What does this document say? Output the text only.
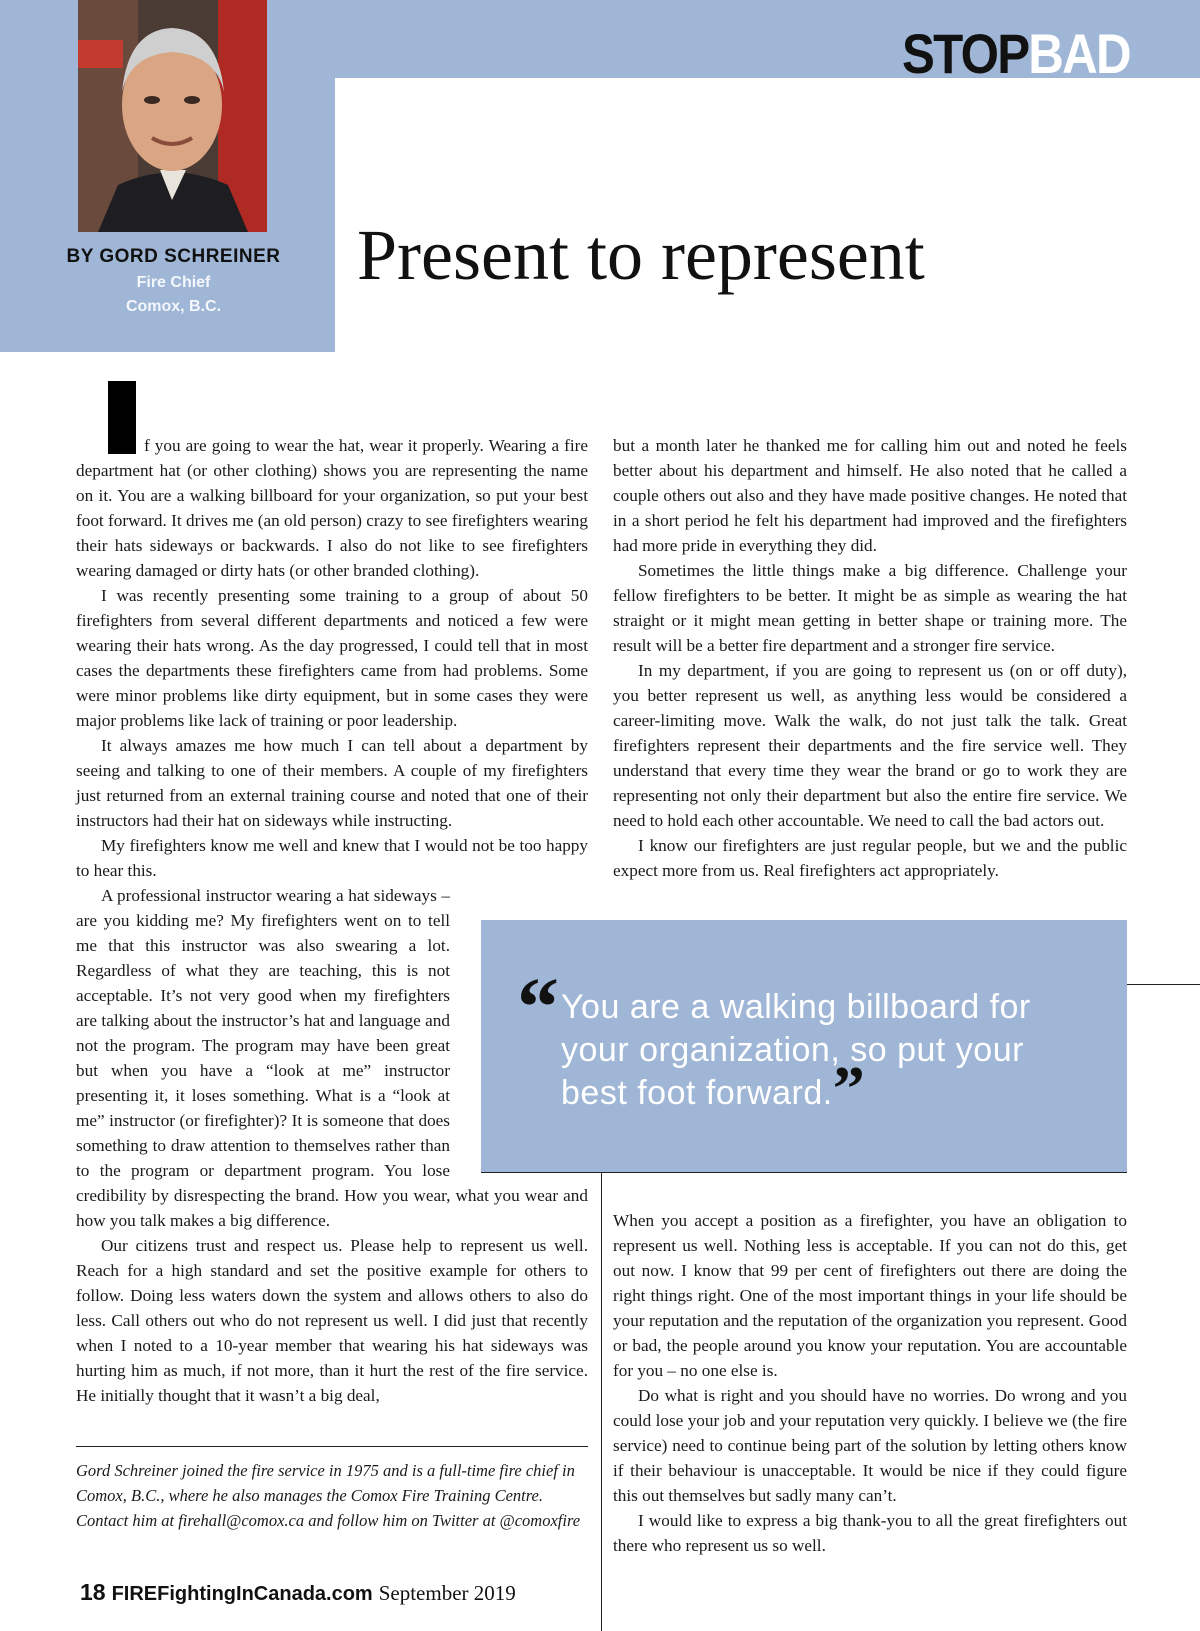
BY GORD SCHREINER
Fire Chief
Comox, B.C.
STOPBAD
Present to represent

f you are going to wear the hat, wear it properly. Wearing a fire department hat (or other clothing) shows you are representing the name on it. You are a walking billboard for your organization, so put your best foot forward. It drives me (an old person) crazy to see firefighters wearing their hats sideways or backwards. I also do not like to see firefighters wearing damaged or dirty hats (or other branded clothing).

I was recently presenting some training to a group of about 50 firefighters from several different departments and noticed a few were wearing their hats wrong. As the day progressed, I could tell that in most cases the departments these firefighters came from had problems. Some were minor problems like dirty equipment, but in some cases they were major problems like lack of training or poor leadership.

It always amazes me how much I can tell about a department by seeing and talking to one of their members. A couple of my firefighters just returned from an external training course and noted that one of their instructors had their hat on sideways while instructing.

My firefighters know me well and knew that I would not be too happy to hear this.

A professional instructor wearing a hat sideways – are you kidding me? My firefighters went on to tell me that this instructor was also swearing a lot. Regardless of what they are teaching, this is not acceptable. It’s not very good when my firefighters are talking about the instructor’s hat and language and not the program. The program may have been great but when you have a “look at me” instructor presenting it, it loses something. What is a “look at me” instructor (or firefighter)? It is someone that does something to draw attention to themselves rather than to the program or department program. You lose credibility by disrespecting the brand. How you wear, what you wear and how you talk makes a big difference.

Our citizens trust and respect us. Please help to represent us well. Reach for a high standard and set the positive example for others to follow. Doing less waters down the system and allows others to also do less. Call others out who do not represent us well. I did just that recently when I noted to a 10-year member that wearing his hat sideways was hurting him as much, if not more, than it hurt the rest of the fire service. He initially thought that it wasn’t a big deal,

but a month later he thanked me for calling him out and noted he feels better about his department and himself. He also noted that he called a couple others out also and they have made positive changes. He noted that in a short period he felt his department had improved and the firefighters had more pride in everything they did.

Sometimes the little things make a big difference. Challenge your fellow firefighters to be better. It might be as simple as wearing the hat straight or it might mean getting in better shape or training more. The result will be a better fire department and a stronger fire service.

In my department, if you are going to represent us (on or off duty), you better represent us well, as anything less would be considered a career-limiting move. Walk the walk, do not just talk the talk. Great firefighters represent their departments and the fire service well. They understand that every time they wear the brand or go to work they are representing not only their department but also the entire fire service. We need to hold each other accountable. We need to call the bad actors out.

I know our firefighters are just regular people, but we and the public expect more from us. Real firefighters act appropriately.

“ You are a walking billboard for your organization, so put your best foot forward.”

When you accept a position as a firefighter, you have an obligation to represent us well. Nothing less is acceptable. If you can not do this, get out now. I know that 99 per cent of firefighters out there are doing the right things right. One of the most important things in your life should be your reputation and the reputation of the organization you represent. Good or bad, the people around you know your reputation. You are accountable for you – no one else is.

Do what is right and you should have no worries. Do wrong and you could lose your job and your reputation very quickly. I believe we (the fire service) need to continue being part of the solution by letting others know if their behaviour is unacceptable. It would be nice if they could figure this out themselves but sadly many can’t.

I would like to express a big thank-you to all the great firefighters out there who represent us so well.

Gord Schreiner joined the fire service in 1975 and is a full-time fire chief in Comox, B.C., where he also manages the Comox Fire Training Centre. Contact him at firehall@comox.ca and follow him on Twitter at @comoxfire
18 FIREFightingInCanada.com September 2019
